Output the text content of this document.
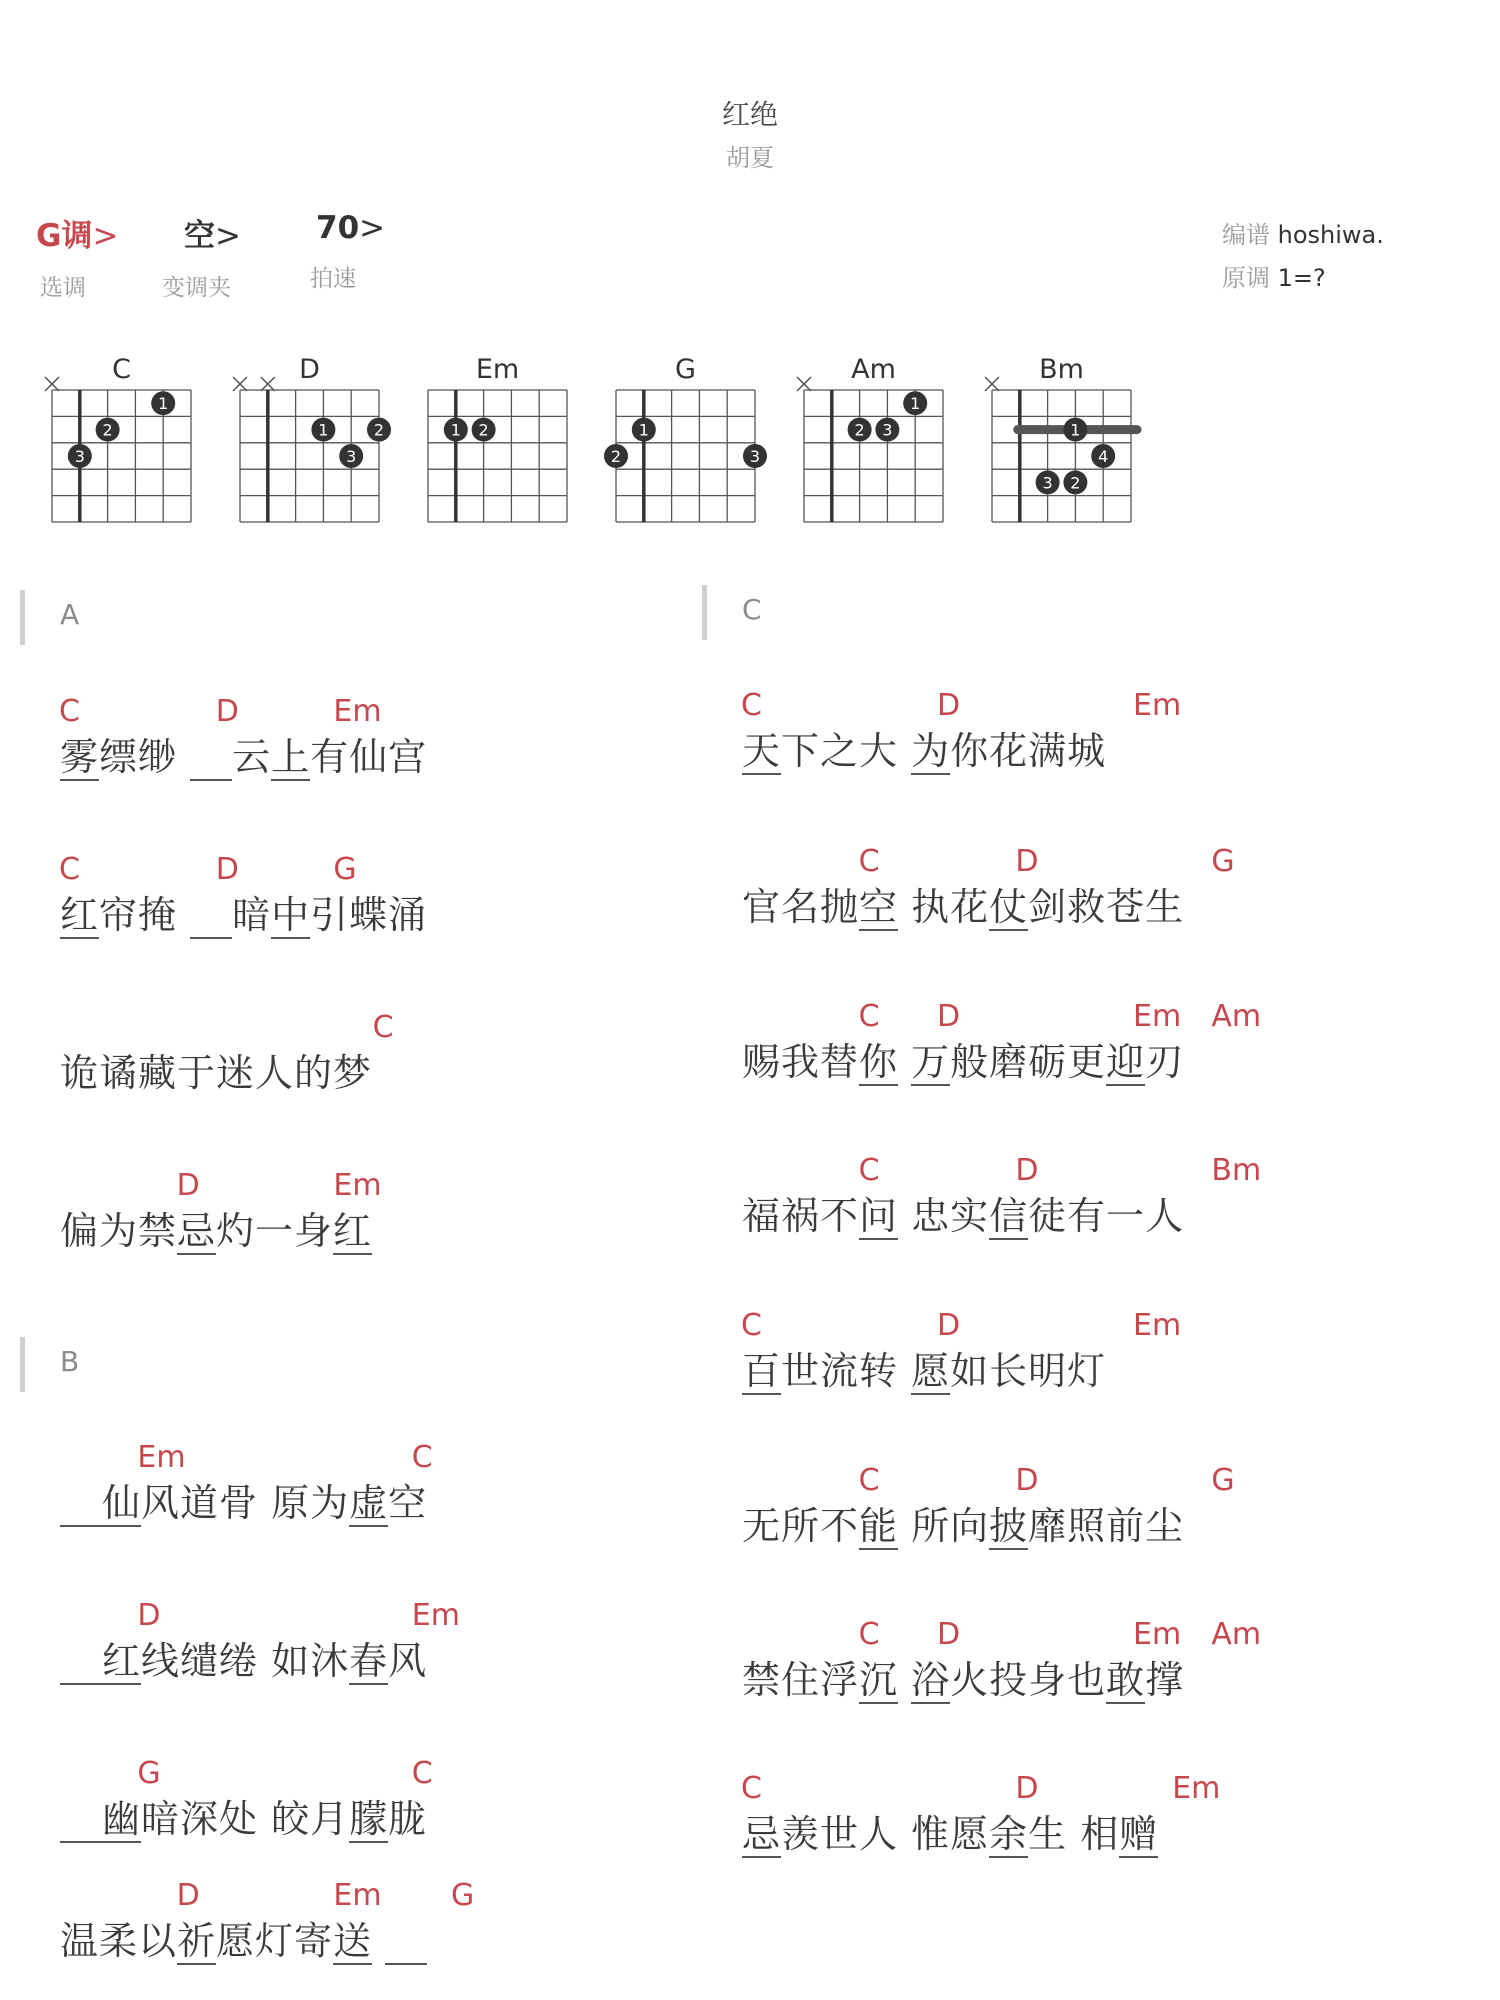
红绝
胡夏
G调>
选调
空>
变调夹
70>
拍速
编谱 hoshiwa.
原调 1=?
1
2
3
C
1	2
3
D
1 2
Em
1
2	3
G
1
2 3
Am
1
3 2
4
Bm
A
雾缥缈 云上有仙宫
C	D	Em
红帘掩 暗中引蝶涌
C	D	G
诡谲藏于迷人的梦
C
偏为禁忌灼一身红
D	Em
B
仙风道骨 原为虚空
Em	C
红线缱绻 如沐春风
D	Em
幽暗深处 皎月朦胧
G	C
温柔以祈愿灯寄送
D	Em G
C
天下之大 为你花满城
C	D	Em
官名抛空 执花仗剑救苍生
C	D	G
赐我替你 万般磨砺更迎刃
C D	Em Am
福祸不问 忠实信徒有一人
C	D	Bm
百世流转 愿如长明灯
C	D	Em
无所不能 所向披靡照前尘
C	D	G
禁住浮沉 浴火投身也敢撑
C D	Em Am
忌羡世人 惟愿余生 相赠
C	D	Em
